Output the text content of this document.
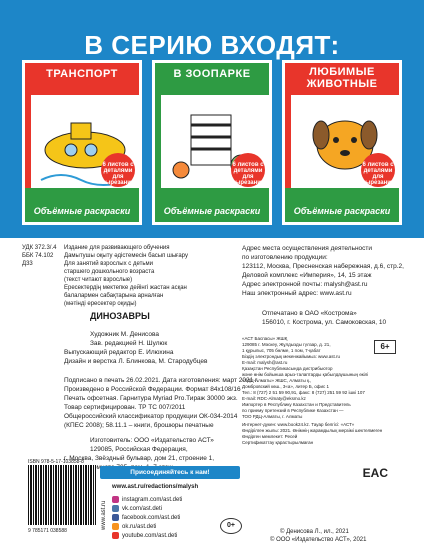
В СЕРИЮ ВХОДЯТ:
ТРАНСПОРТ
6 листов с деталями для вырезания
Объёмные раскраски
В ЗООПАРКЕ
6 листов с деталями для вырезания
Объёмные раскраски
ЛЮБИМЫЕ ЖИВОТНЫЕ
6 листов с деталями для вырезания
Объёмные раскраски
УДК 372.3/.4
ББК 74.102
Д33
Издание для развивающего обучения
Дамытушы оқыту әдістемесін басып шығару
Для занятий взрослых с детьми
старшего дошкольного возраста
(текст читают взрослые)
Ересектердің мектепке дейінгі жастан асқан
балалармен сабақтарына арналған
(мәтінді ересектер оқиды)
ДИНОЗАВРЫ
Художник М. Денисова
Зав. редакцией Н. Шулюк
Выпускающий редактор Е. Илюхина
Дизайн и верстка Л. Блинкова, М. Стародубцев
Подписано в печать 26.02.2021. Дата изготовления: март 2021 г.
Произведено в Российской Федерации. Формат 84x108/16
Печать офсетная. Гарнитура Myriad Pro.Тираж 30000 экз.
Товар сертифицирован. ТР ТС 007/2011
Общероссийский классификатор продукции ОК-034-2014
(КПЕС 2008); 58.11.1 – книги, брошюры печатные
Изготовитель: ООО «Издательство АСТ»
129085, Российская Федерация,
г. Москва, Звёздный бульвар, дом 21, строение 1,
Адрес места осуществления деятельности
по изготовлению продукции:
123112, Москва, Пресненская набережная, д.6, стр.2,
Деловой комплекс «Империя», 14, 15 этаж
Адрес электронной почты: malysh@ast.ru
Наш электронный адрес: www.ast.ru
Отпечатано в ОАО «Кострома»
156010, г. Кострома, ул. Самоковская, 10
«АСТ Баспасы» ЖШҚ
129085 г. Мәскеу, Жұлдызды гүлзар, д. 21,
1 құрылыс, 705 бөлме, 1 пом, 7-қабат
Біздің электрондық мекенжайымыз: www.ast.ru
E-mail: malysh@ast.ru
Қазақстан Республикасында дистрибьютор
және өнім бойынша арыз-талаптарды қабылдаушының өкілі
«РДЦ-Алматы» ЖШС, Алматы қ.,
Домбровский көш., 3«а», литер Б, офис 1
Тел.: 8 (727) 2 51 59 90,91, факс: 8 (727) 251 59 92 ішкі 107
E-mail: RDC-Almaty@eksmo.kz
Импортер в Республику Казахстан и Представитель
по приему претензий в Республике Казахстан —
ТОО РДЦ-Алматы, г. Алматы
Интернет-дүкен: www.book24.kz. Тауар белгісі: «АСТ»
Өндірілген жылы: 2021. Өнімнің жарамдылық мерзімі шектелмеген
Өндірген мемлекет: Ресей
Сертификаттау қарастырылмаған
6+
EAC
© Денисова Л., ил., 2021
© ООО «Издательство АСТ», 2021
ISBN 978-5-17-103858-8
9 785171 038588
Присоединяйтесь к нам!
www.ast.ru/redactions/malysh
instagram.com/ast.deti
vk.com/ast.deti
facebook.com/ast.deti
ok.ru/ast.deti
youtube.com/ast.deti
www.ast.ru	0+
